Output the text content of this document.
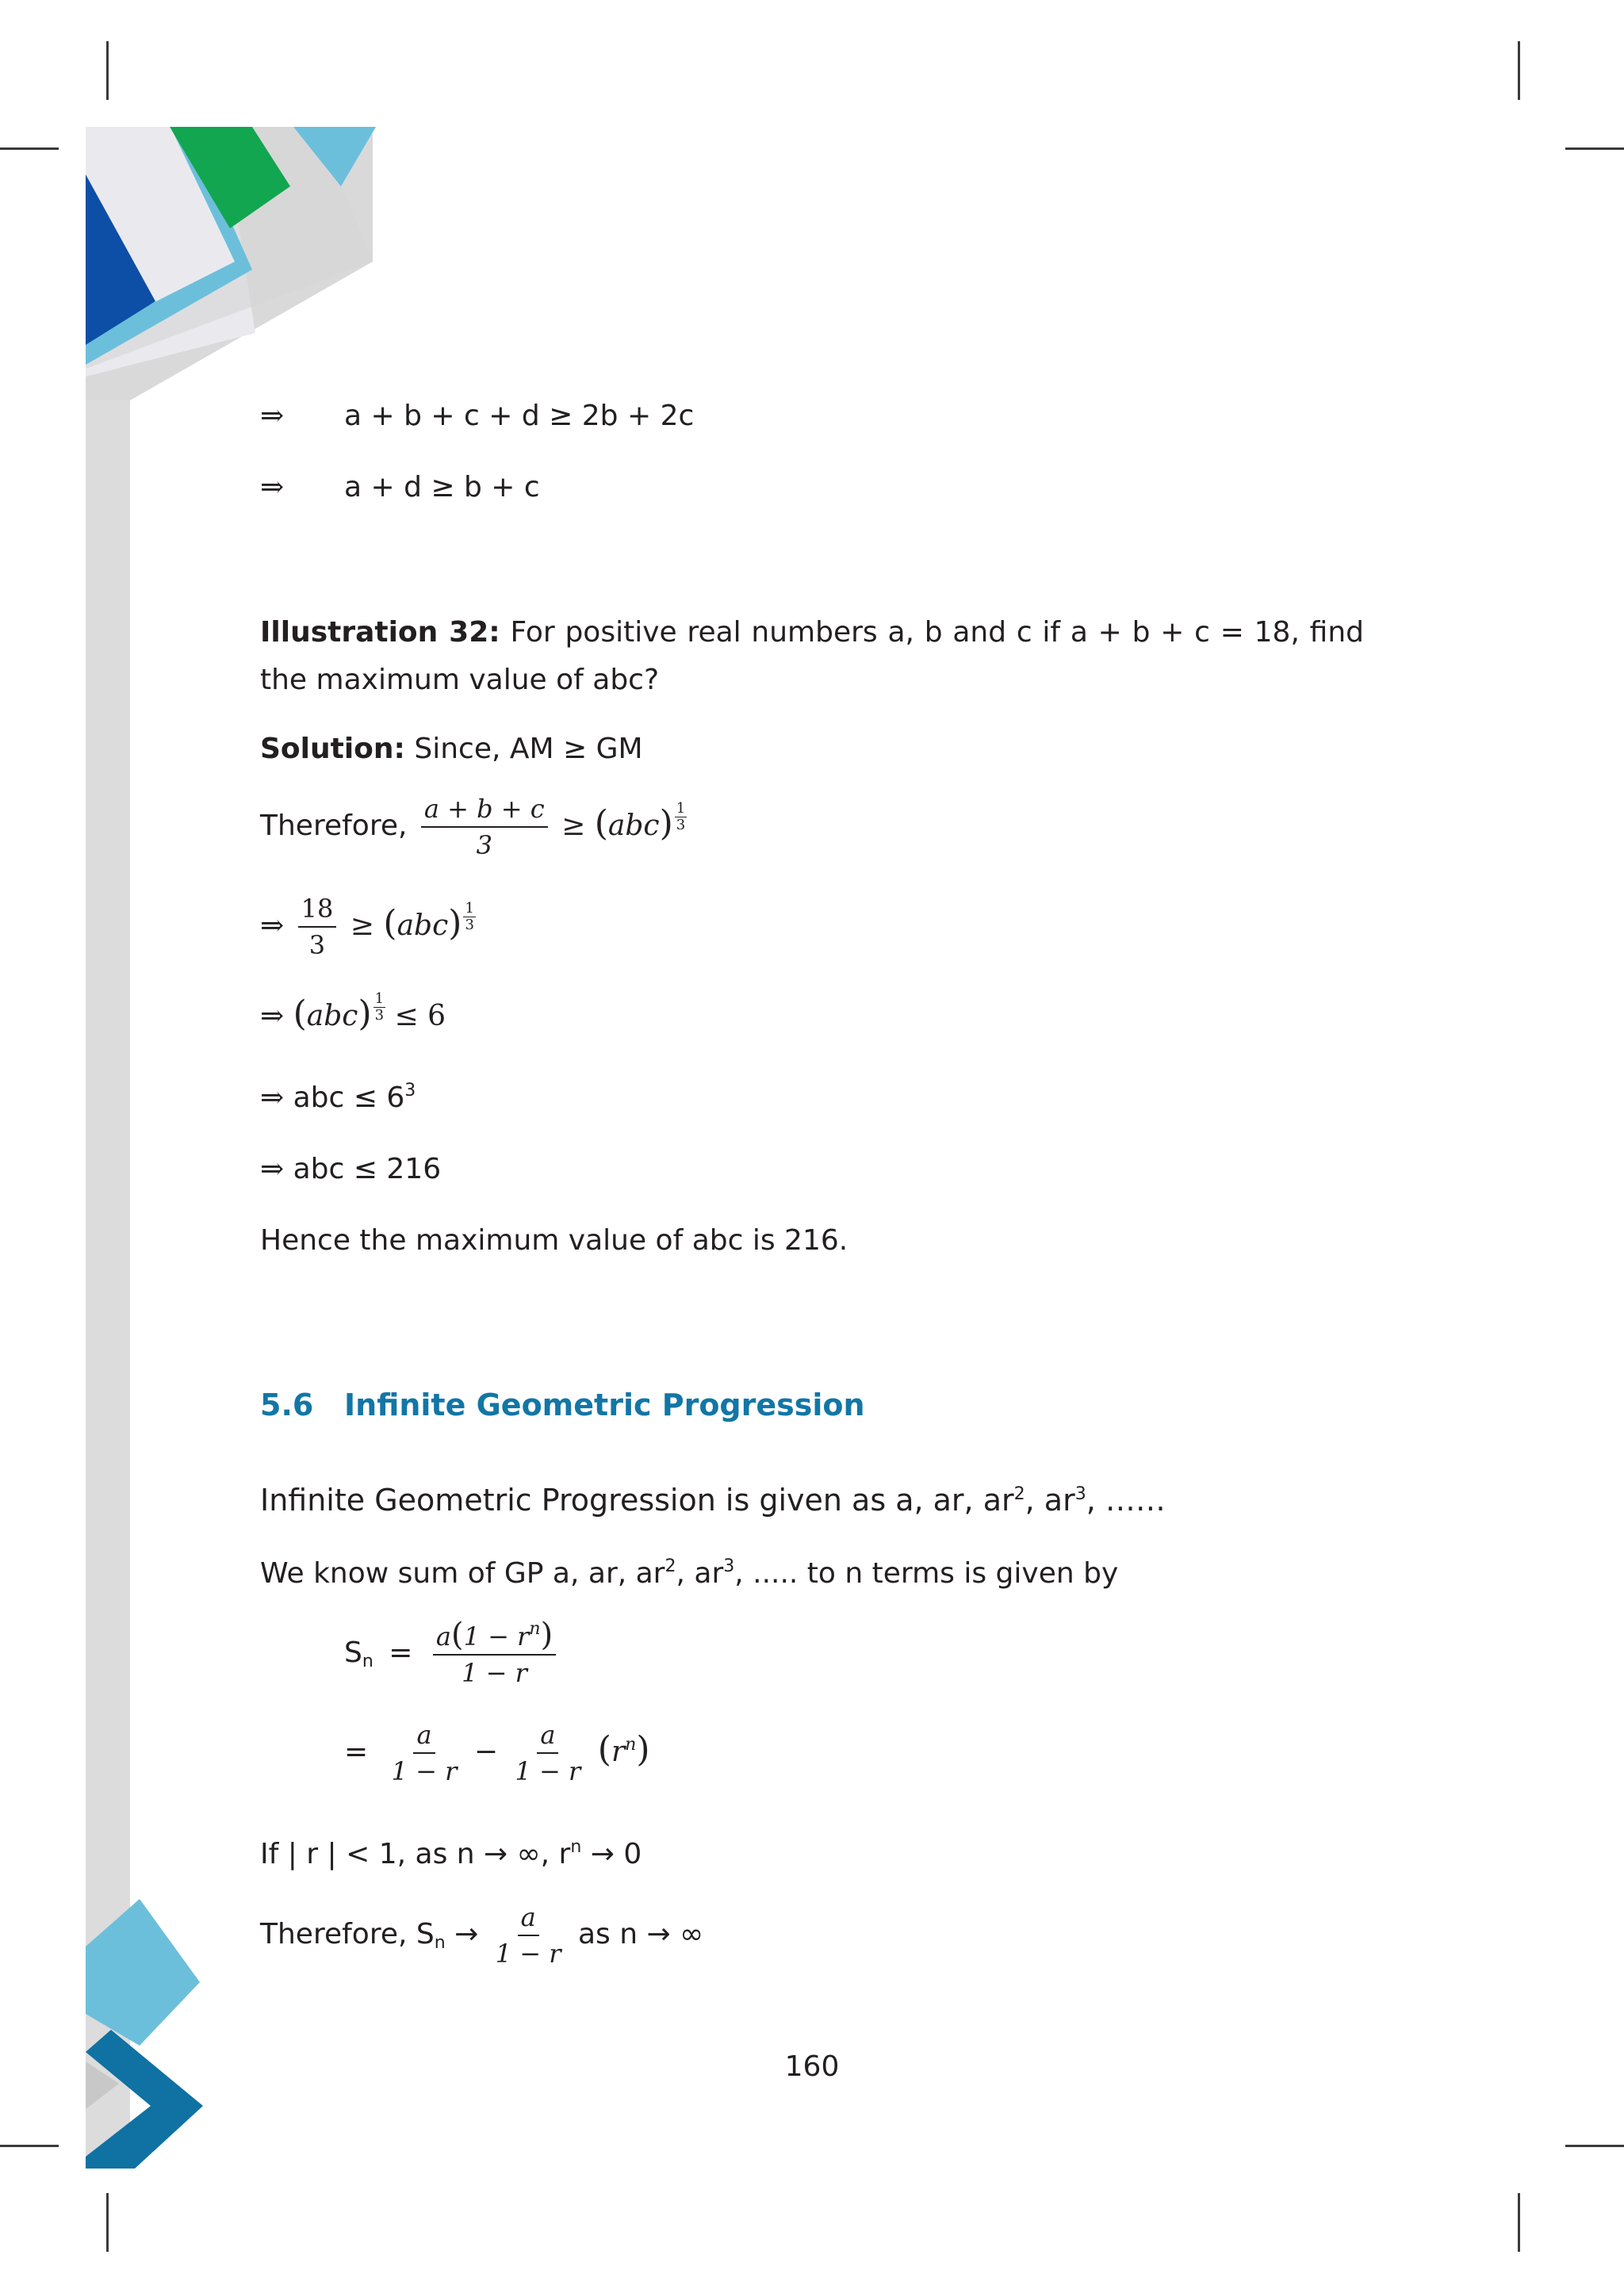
⇒ a + b + c + d ≥ 2b + 2c
⇒ a + d ≥ b + c
Illustration 32: For positive real numbers a, b and c if a + b + c = 18, find the maximum value of abc?
Solution: Since, AM ≥ GM
Therefore, $\frac{a + b + c}{3} \ge (abc) \frac{1}{3}$
⇒ $\frac{18}{3} \ge (abc) \frac{1}{3}$
⇒ $(abc) \frac{1}{3} \le 6$
⇒ abc ≤ $6^3$
⇒ abc ≤ 216
Hence the maximum value of abc is 216.
5.6 Infinite Geometric Progression
Infinite Geometric Progression is given as a, ar, $ar^2$, $ar^3$, ……
We know sum of GP a, ar, $ar^2$, $ar^3$, ..... to n terms is given by
$S_n = \frac{a(1 - r^n)}{1 - r}$
= $\frac{a}{1 - r} - \frac{a}{1 - r} (r^n)$
If | r | < 1, as n → ∞, $r^n \to 0$
Therefore, $S_n \to \frac{a}{1 - r}$ as n → ∞
160
